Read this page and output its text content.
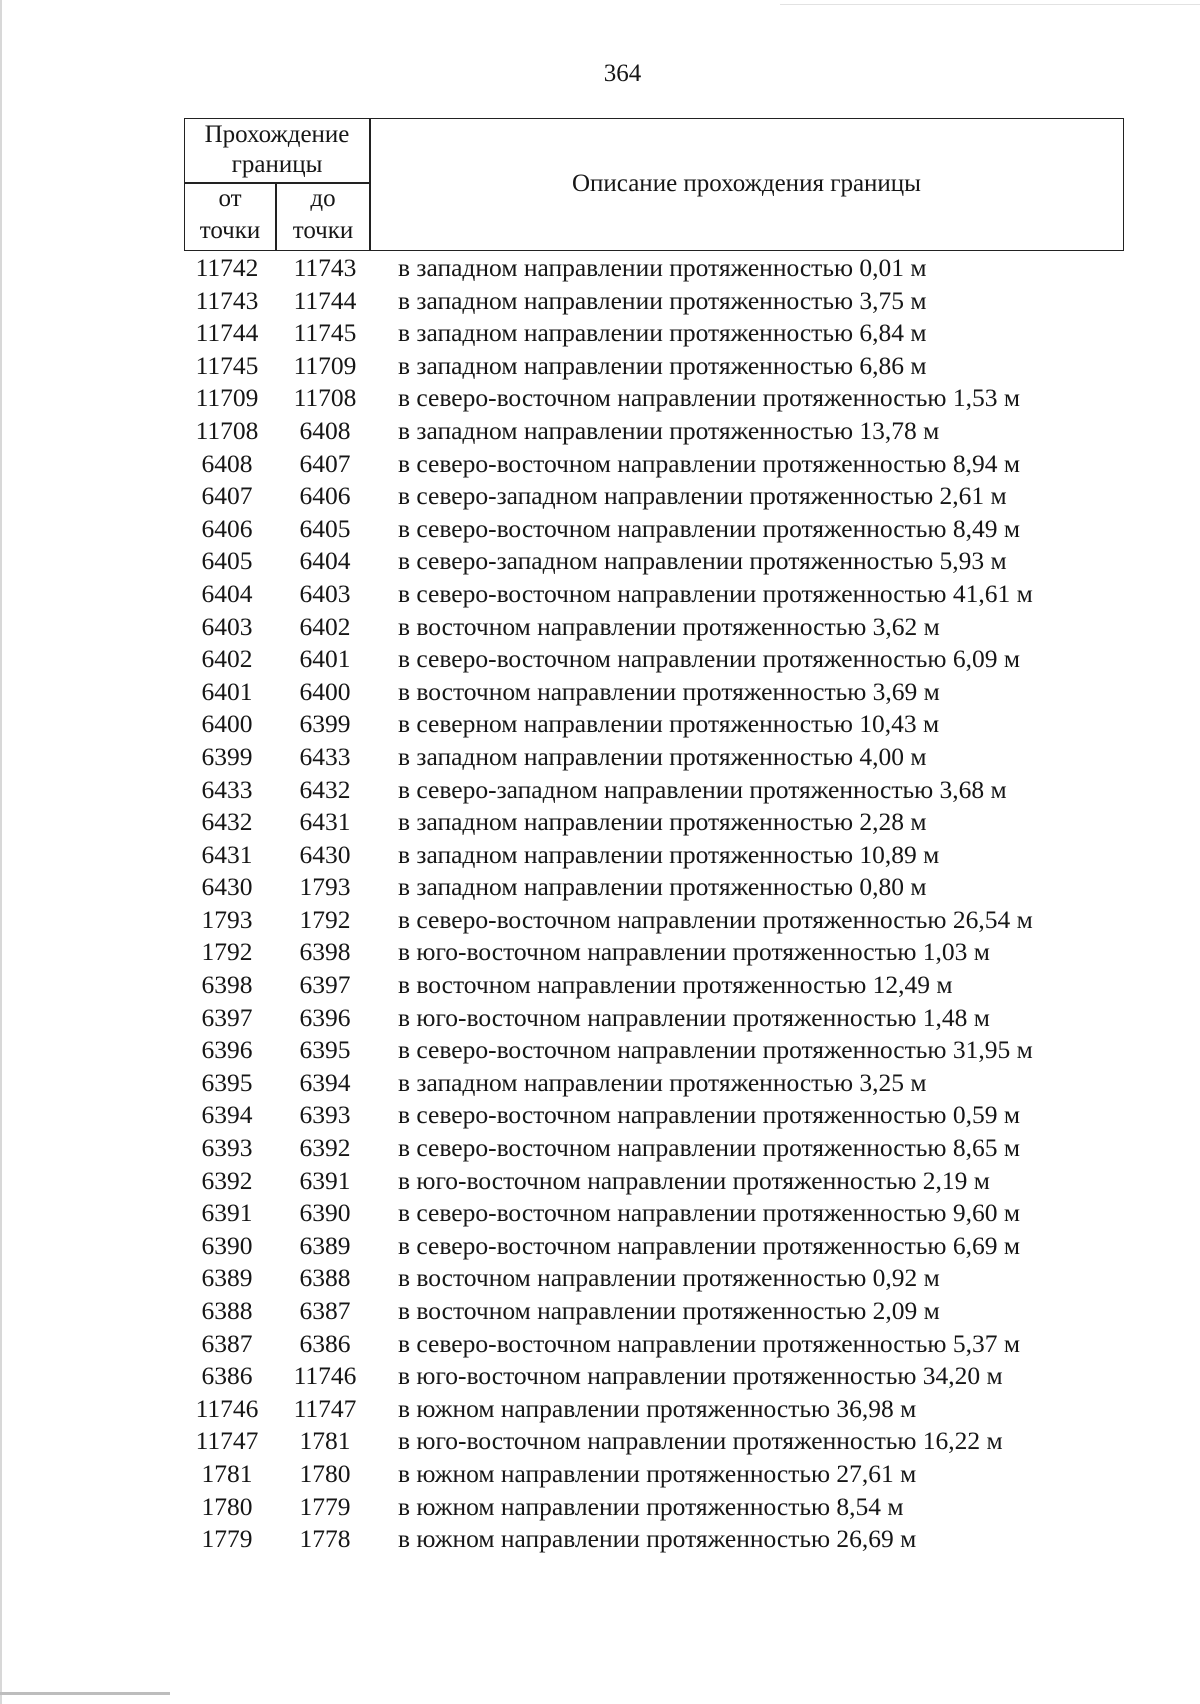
364
Прохождение
границы
от
точки
до
точки
Описание прохождения границы
11742	11743	в западном направлении протяженностью 0,01 м
11743	11744	в западном направлении протяженностью 3,75 м
11744	11745	в западном направлении протяженностью 6,84 м
11745	11709	в западном направлении протяженностью 6,86 м
11709	11708	в северо-восточном направлении протяженностью 1,53 м
11708	6408	в западном направлении протяженностью 13,78 м
6408	6407	в северо-восточном направлении протяженностью 8,94 м
6407	6406	в северо-западном направлении протяженностью 2,61 м
6406	6405	в северо-восточном направлении протяженностью 8,49 м
6405	6404	в северо-западном направлении протяженностью 5,93 м
6404	6403	в северо-восточном направлении протяженностью 41,61 м
6403	6402	в восточном направлении протяженностью 3,62 м
6402	6401	в северо-восточном направлении протяженностью 6,09 м
6401	6400	в восточном направлении протяженностью 3,69 м
6400	6399	в северном направлении протяженностью 10,43 м
6399	6433	в западном направлении протяженностью 4,00 м
6433	6432	в северо-западном направлении протяженностью 3,68 м
6432	6431	в западном направлении протяженностью 2,28 м
6431	6430	в западном направлении протяженностью 10,89 м
6430	1793	в западном направлении протяженностью 0,80 м
1793	1792	в северо-восточном направлении протяженностью 26,54 м
1792	6398	в юго-восточном направлении протяженностью 1,03 м
6398	6397	в восточном направлении протяженностью 12,49 м
6397	6396	в юго-восточном направлении протяженностью 1,48 м
6396	6395	в северо-восточном направлении протяженностью 31,95 м
6395	6394	в западном направлении протяженностью 3,25 м
6394	6393	в северо-восточном направлении протяженностью 0,59 м
6393	6392	в северо-восточном направлении протяженностью 8,65 м
6392	6391	в юго-восточном направлении протяженностью 2,19 м
6391	6390	в северо-восточном направлении протяженностью 9,60 м
6390	6389	в северо-восточном направлении протяженностью 6,69 м
6389	6388	в восточном направлении протяженностью 0,92 м
6388	6387	в восточном направлении протяженностью 2,09 м
6387	6386	в северо-восточном направлении протяженностью 5,37 м
6386	11746	в юго-восточном направлении протяженностью 34,20 м
11746	11747	в южном направлении протяженностью 36,98 м
11747	1781	в юго-восточном направлении протяженностью 16,22 м
1781	1780	в южном направлении протяженностью 27,61 м
1780	1779	в южном направлении протяженностью 8,54 м
1779	1778	в южном направлении протяженностью 26,69 м
